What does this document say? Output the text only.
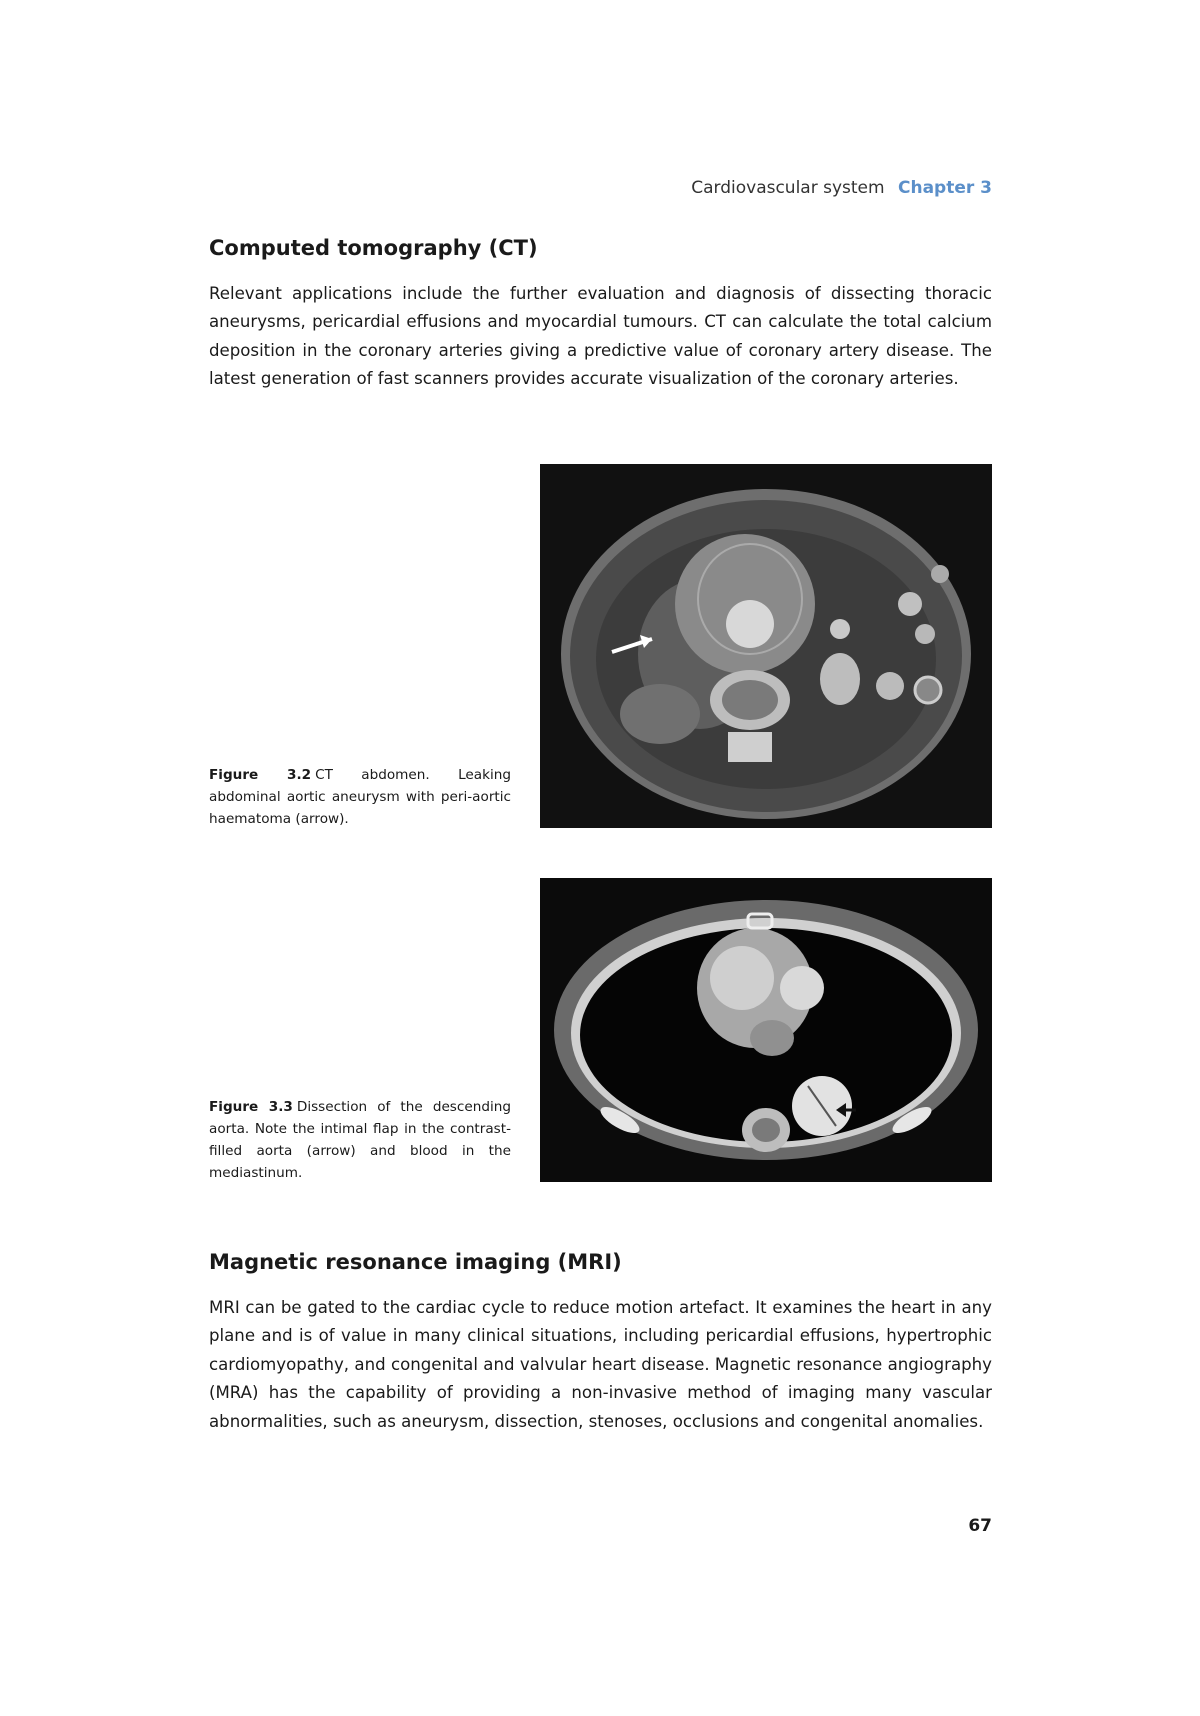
Cardiovascular system Chapter 3
Computed tomography (CT)

Relevant applications include the further evaluation and diagnosis of dissecting thoracic aneurysms, pericardial effusions and myocardial tumours. CT can calculate the total calcium deposition in the coronary arteries giving a predictive value of coronary artery disease. The latest generation of fast scanners provides accurate visualization of the coronary arteries.

Figure 3.2 CT abdomen. Leaking abdominal aortic aneurysm with peri-aortic haematoma (arrow).

Figure 3.3 Dissection of the descending aorta. Note the intimal flap in the contrast-filled aorta (arrow) and blood in the mediastinum.

Magnetic resonance imaging (MRI)

MRI can be gated to the cardiac cycle to reduce motion artefact. It examines the heart in any plane and is of value in many clinical situations, including pericardial effusions, hypertrophic cardiomyopathy, and congenital and valvular heart disease. Magnetic resonance angiography (MRA) has the capability of providing a non-invasive method of imaging many vascular abnormalities, such as aneurysm, dissection, stenoses, occlusions and congenital anomalies.

67
